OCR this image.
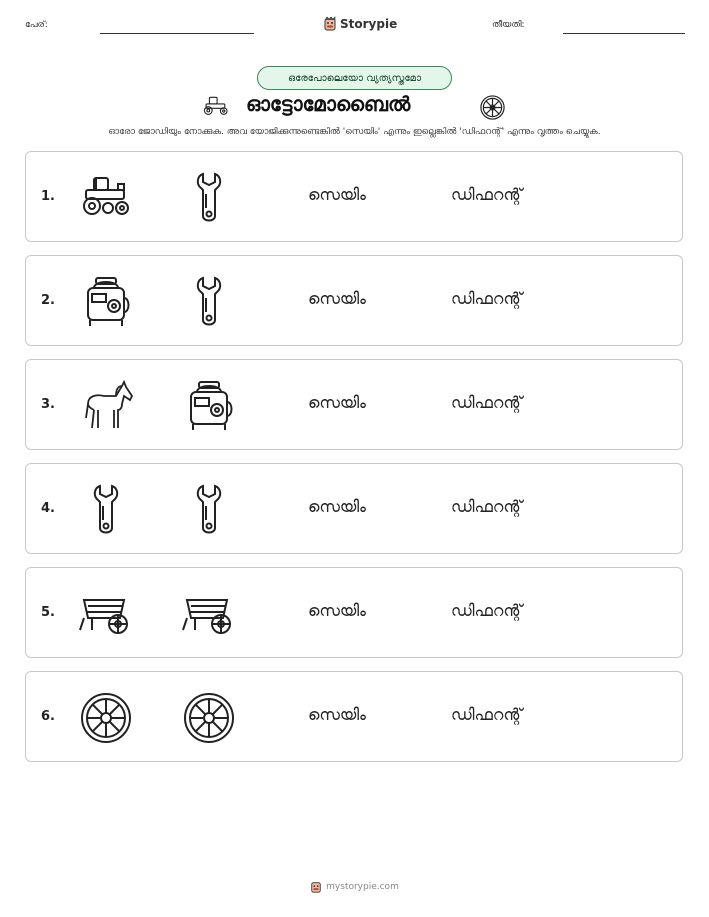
പേര്:	Storypie	തീയതി:
ഒരേപോലെയോ വ്യത്യസ്തമോ
ഓട്ടോമോബൈൽ
ഓരോ ജോഡിയും നോക്കുക. അവ യോജിക്കുന്നുണ്ടെങ്കിൽ 'സെയിം' എന്നും ഇല്ലെങ്കിൽ 'ഡിഫറന്റ്' എന്നും വൃത്തം ചെയ്യുക.
1.	സെയിം	ഡിഫറന്റ്
2.	സെയിം	ഡിഫറന്റ്
3.	സെയിം	ഡിഫറന്റ്
4.	സെയിം	ഡിഫറന്റ്
5.	സെയിം	ഡിഫറന്റ്
6.	സെയിം	ഡിഫറന്റ്
mystorypie.com
